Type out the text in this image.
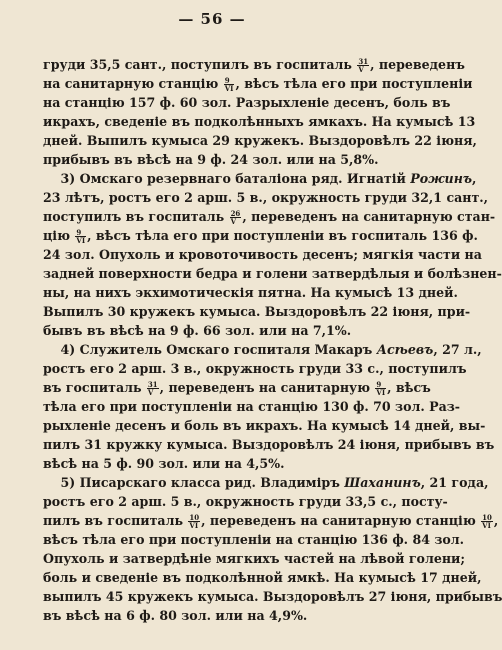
— 56 —
груди 35,5 сант., поступилъ въ госпиталь $\frac{31}{V}$ , переведенъ
на санитарную станцію $\frac{9}{VI}$ , вѣсъ тѣла его при поступленіи
на станцію 157 ф. 60 зол. Разрыхленіе деcенъ, боль въ
икрахъ, сведеніе въ подколѣнныхъ ямкахъ. На кумысѣ 13
дней. Выпилъ кумыса 29 кружекъ. Выздоровѣлъ 22 іюня,
прибывъ въ вѣсѣ на 9 ф. 24 зол. или на 5,8%.
3) Омскаго резервнаго баталіона ряд. Игнатій Рожинъ,
23 лѣтъ, ростъ его 2 арш. 5 в., окружность груди 32,1 сант.,
поступилъ въ госпиталь $\frac{26}{V}$ , переведенъ на санитарную стан-
цію $\frac{9}{VI}$ , вѣсъ тѣла его при поступленіи въ госпиталь 136 ф.
24 зол. Опухоль и кровоточивость деcенъ; мягкія части на
задней поверхности бедра и голени затвердѣлыя и болѣзнен-
ны, на нихъ экхимотическія пятна. На кумысѣ 13 дней.
Выпилъ 30 кружекъ кумыса. Выздоровѣлъ 22 іюня, при-
бывъ въ вѣсѣ на 9 ф. 66 зол. или на 7,1%.
4) Служитель Омскаго госпиталя Макаръ Асѣевъ, 27 л.,
ростъ его 2 арш. 3 в., окружность груди 33 с., поступилъ
въ госпиталь $\frac{31}{V}$ , переведенъ на санитарную $\frac{9}{VI}$ , вѣсъ
тѣла его при поступленіи на станцію 130 ф. 70 зол. Раз-
рыхленіе деcенъ и боль въ икрахъ. На кумысѣ 14 дней, вы-
пилъ 31 кружку кумыса. Выздоровѣлъ 24 іюня, прибывъ въ
вѣсѣ на 5 ф. 90 зол. или на 4,5%.
5) Писарскаго класса рид. Владиміръ Шаханинъ, 21 года,
ростъ его 2 арш. 5 в., окружность груди 33,5 с., посту-
пилъ въ госпиталь $\frac{10}{VI}$ , переведенъ на санитарную станцію $\frac{10}{VI}$ ,
вѣсъ тѣла его при поступленіи на станцію 136 ф. 84 зол.
Опухоль и затвердѣніе мягкихъ частей на лѣвой голени;
боль и сведеніе въ подколѣнной ямкѣ. На кумысѣ 17 дней,
выпилъ 45 кружекъ кумыса. Выздоровѣлъ 27 іюня, прибывъ
въ вѣсѣ на 6 ф. 80 зол. или на 4,9%.
